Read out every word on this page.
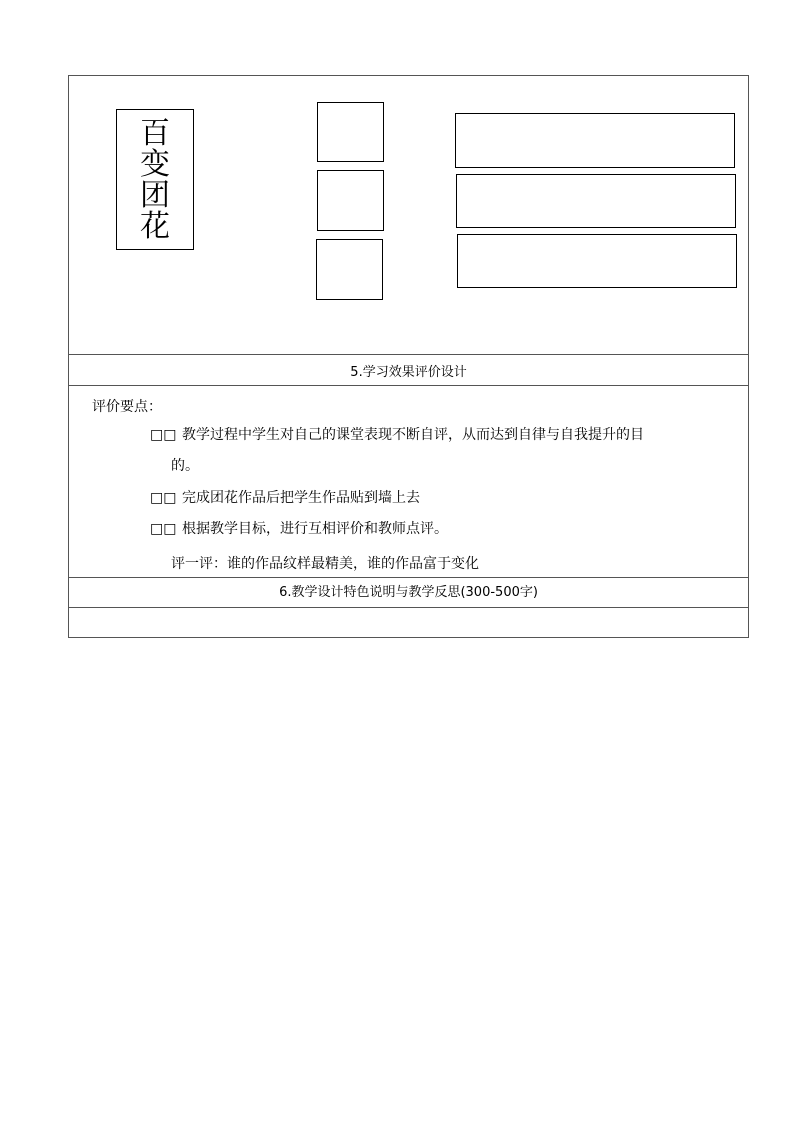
百
变
团
花
5.学习效果评价设计
评价要点：
□□ 教学过程中学生对自己的课堂表现不断自评，从而达到自律与自我提升的目
的。
□□ 完成团花作品后把学生作品贴到墙上去
□□ 根据教学目标，进行互相评价和教师点评。
评一评：谁的作品纹样最精美，谁的作品富于变化
6.教学设计特色说明与教学反思(300-500字)
